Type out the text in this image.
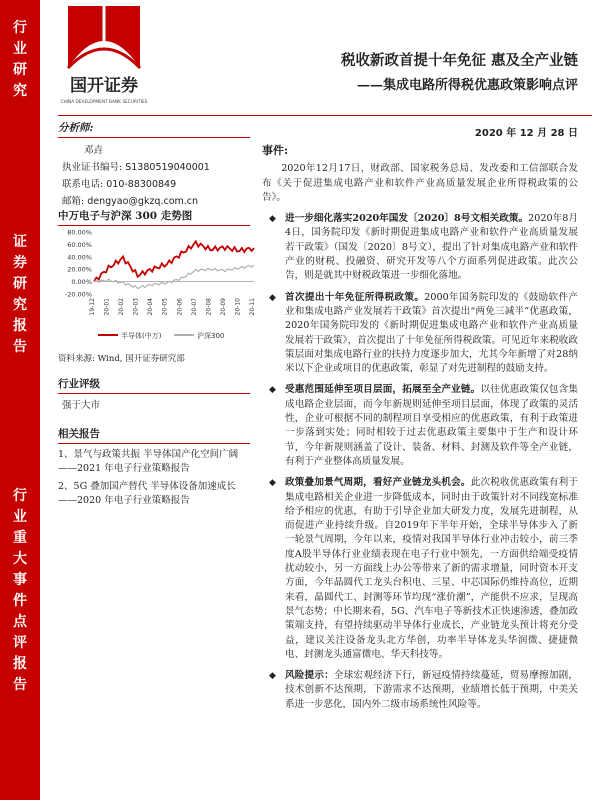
行
业
研
究
证
券
研
究
报
告
行
业
重
大
事
件
点
评
报
告
国开证券
CHINA DEVELOPMENT BANK SECURITIES
税收新政首提十年免征 惠及全产业链
——集成电路所得税优惠政策影响点评
2020 年 12 月 28 日
分析师:
邓垚
执业证书编号: S1380519040001
联系电话: 010-88300849
邮箱: dengyao@gkzq.com.cn
中万电子与沪深 300 走势图
80.00%
60.00%
40.00%
20.00%
0.00%
-20.00%
19-12 20-01 20-02 20-03 20-04 20-05 20-06 20-07 20-08 20-09 20-10 20-11
半导体(中万)	沪深300
资料来源: Wind, 国开证券研究部
行业评级
强于大市
相关报告
1、景气与政策共振 半导体国产化空间广阔——2021 年电子行业策略报告
2、5G 叠加国产替代 半导体设备加速成长——2020 年电子行业策略报告
事件:
2020年12月17日，财政部、国家税务总局、发改委和工信部联合发布《关于促进集成电路产业和软件产业高质量发展企业所得税政策的公告》。
◆ 进一步细化落实2020年国发〔2020〕8号文相关政策。2020年8月4日，国务院印发《新时期促进集成电路产业和软件产业高质量发展若干政策》（国发〔2020〕8号文），提出了针对集成电路产业和软件产业的财税、投融资、研究开发等八个方面系列促进政策。此次公告，则是就其中财税政策进一步细化落地。
◆ 首次提出十年免征所得税政策。2000年国务院印发的《鼓励软件产业和集成电路产业发展若干政策》首次提出“两免三减半”优惠政策，2020年国务院印发的《新时期促进集成电路产业和软件产业高质量发展若干政策》，首次提出了十年免征所得税政策。可见近年来税收政策层面对集成电路行业的扶持力度逐步加大，尤其今年新增了对28纳米以下企业或项目的优惠政策，彰显了对先进制程的鼓励支持。
◆ 受惠范围延伸至项目层面，拓展至全产业链。以往优惠政策仅包含集成电路企业层面，而今年新规则延伸至项目层面，体现了政策的灵活性，企业可根据不同的制程项目享受相应的优惠政策，有利于政策进一步落到实处；同时相较于过去优惠政策主要集中于生产和设计环节，今年新规则涵盖了设计、装备、材料、封测及软件等全产业链，有利于产业整体高质量发展。
◆ 政策叠加景气周期，看好产业链龙头机会。此次税收优惠政策有利于集成电路相关企业进一步降低成本，同时由于政策针对不同线宽标准给予相应的优惠，有助于引导企业加大研发力度，发展先进制程，从而促进产业持续升级。自2019年下半年开始，全球半导体步入了新一轮景气周期，今年以来，疫情对我国半导体行业冲击较小，前三季度A股半导体行业业绩表现在电子行业中领先，一方面供给端受疫情扰动较小，另一方面线上办公等带来了新的需求增量，同时资本开支方面，今年晶圆代工龙头台积电、三星、中芯国际仍维持高位，近期来看，晶圆代工、封测等环节均现“涨价潮”，产能供不应求，呈现高景气态势；中长期来看，5G、汽车电子等新技术正快速渗透，叠加政策端支持，有望持续驱动半导体行业成长，产业链龙头预计将充分受益，建议关注设备龙头北方华创，功率半导体龙头华润微、捷捷微电、封测龙头通富微电、华天科技等。
◆ 风险提示：全球宏观经济下行，新冠疫情持续蔓延，贸易摩擦加剧，技术创新不达预期，下游需求不达预期，业绩增长低于预期，中美关系进一步恶化，国内外二级市场系统性风险等。
